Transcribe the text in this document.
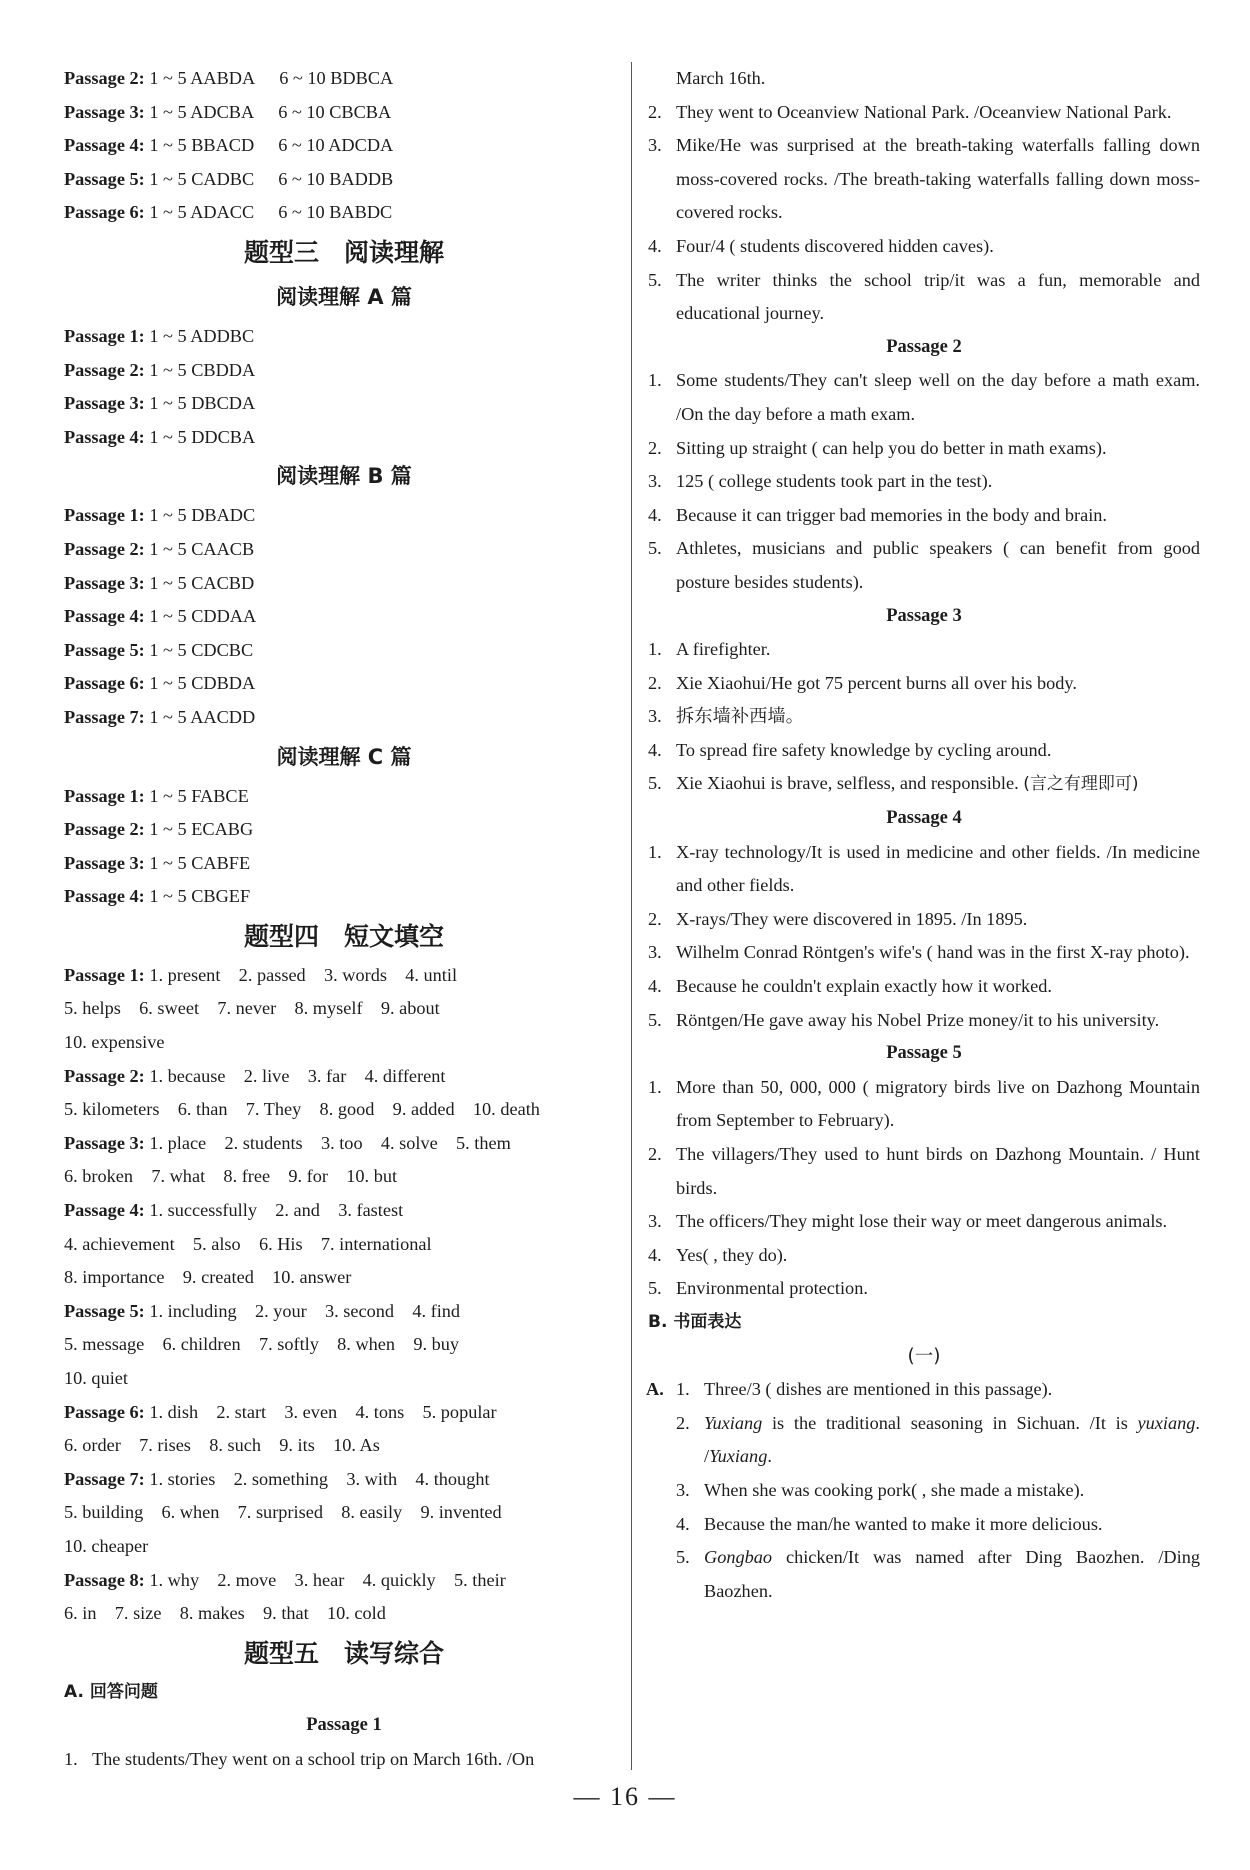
Passage 2: 1 ~ 5 AABDA 6 ~ 10 BDBCA
Passage 3: 1 ~ 5 ADCBA 6 ~ 10 CBCBA
Passage 4: 1 ~ 5 BBACD 6 ~ 10 ADCDA
Passage 5: 1 ~ 5 CADBC 6 ~ 10 BADDB
Passage 6: 1 ~ 5 ADACC 6 ~ 10 BABDC
题型三　阅读理解
阅读理解 A 篇
Passage 1: 1 ~ 5 ADDBC
Passage 2: 1 ~ 5 CBDDA
Passage 3: 1 ~ 5 DBCDA
Passage 4: 1 ~ 5 DDCBA
阅读理解 B 篇
Passage 1: 1 ~ 5 DBADC
Passage 2: 1 ~ 5 CAACB
Passage 3: 1 ~ 5 CACBD
Passage 4: 1 ~ 5 CDDAA
Passage 5: 1 ~ 5 CDCBC
Passage 6: 1 ~ 5 CDBDA
Passage 7: 1 ~ 5 AACDD
阅读理解 C 篇
Passage 1: 1 ~ 5 FABCE
Passage 2: 1 ~ 5 ECABG
Passage 3: 1 ~ 5 CABFE
Passage 4: 1 ~ 5 CBGEF
题型四　短文填空
Passage 1: 1. present　2. passed　3. words　4. until
5. helps　6. sweet　7. never　8. myself　9. about
10. expensive
Passage 2: 1. because　2. live　3. far　4. different
5. kilometers　6. than　7. They　8. good　9. added　10. death
Passage 3: 1. place　2. students　3. too　4. solve　5. them
6. broken　7. what　8. free　9. for　10. but
Passage 4: 1. successfully　2. and　3. fastest
4. achievement　5. also　6. His　7. international
8. importance　9. created　10. answer
Passage 5: 1. including　2. your　3. second　4. find
5. message　6. children　7. softly　8. when　9. buy
10. quiet
Passage 6: 1. dish　2. start　3. even　4. tons　5. popular
6. order　7. rises　8. such　9. its　10. As
Passage 7: 1. stories　2. something　3. with　4. thought
5. building　6. when　7. surprised　8. easily　9. invented
10. cheaper
Passage 8: 1. why　2. move　3. hear　4. quickly　5. their
6. in　7. size　8. makes　9. that　10. cold
题型五　读写综合
A. 回答问题
Passage 1
1. The students/They went on a school trip on March 16th. /On
March 16th.
2. They went to Oceanview National Park. /Oceanview National Park.
3. Mike/He was surprised at the breath-taking waterfalls falling down moss-covered rocks. /The breath-taking waterfalls falling down moss-covered rocks.
4. Four/4 ( students discovered hidden caves).
5. The writer thinks the school trip/it was a fun, memorable and educational journey.
Passage 2
1. Some students/They can't sleep well on the day before a math exam. /On the day before a math exam.
2. Sitting up straight ( can help you do better in math exams).
3. 125 ( college students took part in the test).
4. Because it can trigger bad memories in the body and brain.
5. Athletes, musicians and public speakers ( can benefit from good posture besides students).
Passage 3
1. A firefighter.
2. Xie Xiaohui/He got 75 percent burns all over his body.
3. 拆东墙补西墙。
4. To spread fire safety knowledge by cycling around.
5. Xie Xiaohui is brave, selfless, and responsible. (言之有理即可)
Passage 4
1. X-ray technology/It is used in medicine and other fields. /In medicine and other fields.
2. X-rays/They were discovered in 1895. /In 1895.
3. Wilhelm Conrad Röntgen's wife's ( hand was in the first X-ray photo).
4. Because he couldn't explain exactly how it worked.
5. Röntgen/He gave away his Nobel Prize money/it to his university.
Passage 5
1. More than 50, 000, 000 ( migratory birds live on Dazhong Mountain from September to February).
2. The villagers/They used to hunt birds on Dazhong Mountain. / Hunt birds.
3. The officers/They might lose their way or meet dangerous animals.
4. Yes( , they do).
5. Environmental protection.
B. 书面表达
(一)
A. 1. Three/3 ( dishes are mentioned in this passage).
2. Yuxiang is the traditional seasoning in Sichuan. /It is yuxiang. /Yuxiang.
3. When she was cooking pork( , she made a mistake).
4. Because the man/he wanted to make it more delicious.
5. Gongbao chicken/It was named after Ding Baozhen. /Ding Baozhen.
— 16 —
